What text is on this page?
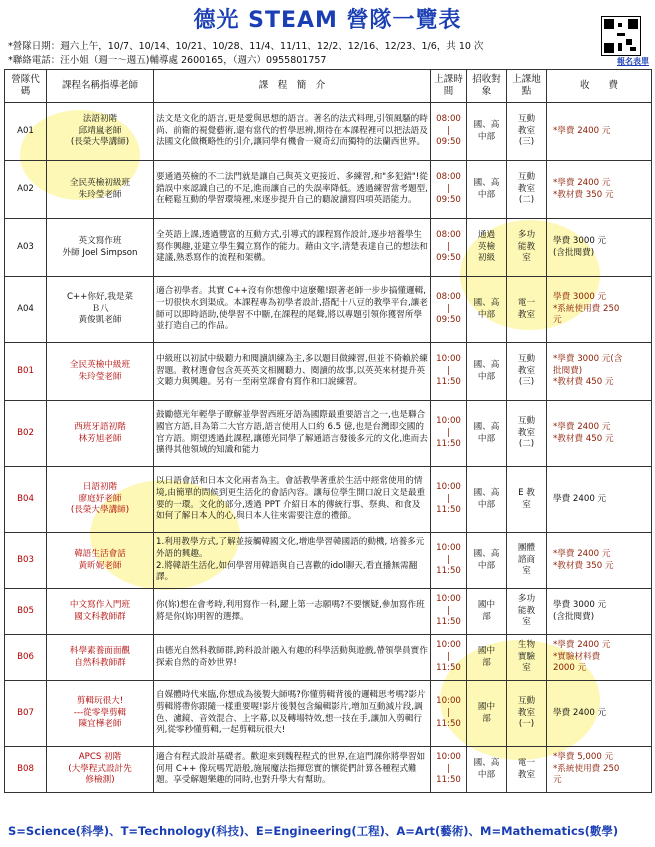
德光 STEAM 營隊一覽表
*營隊日期：週六上午，10/7、10/14、10/21、10/28、11/4、11/11、12/2、12/16、12/23、1/6，共 10 次
*聯絡電話：汪小姐（週一～週五)輔導處 2600165，（週六）0955801757	報名表單
營隊代碼	課程名稱指導老師	課　程　簡　介	上課時間	招收對象	上課地點	收　　費
A01	法語初階
邱靖嵐老師
(長榮大學講師)	法文是文化的語言,更是愛與思想的語言。著名的法式料理,引領風騷的時尚、前衛的視覺藝術,還有當代的哲學思辨,期待在本課程裡可以把法語及法國文化做概略性的引介,讓同學有機會一窺奇幻而獨特的法蘭西世界。	08:00
|
09:50	國、高
中部	互動
教室
(三)	*學費 2400 元
A02	全民英檢初級班
朱玲瑩老師	要通過英檢的不二法門就是讓自己與英文更接近、多練習,和"多犯錯"!從錯誤中來認識自己的不足,進而讓自己的失誤率降低。透過練習當考題型,在輕鬆互動的學習環境裡,來逐步提升自己的聽說讀寫四項英語能力。	08:00
|
09:50	國、高
中部	互動
教室
(二)	*學費 2400 元
*教材費 350 元
A03	英文寫作班
外師 Joel Simpson	全英語上課,透過豐富的互動方式,引導式的課程寫作設計,逐步培養學生寫作興趣,並建立學生獨立寫作的能力。藉由文字,清楚表達自己的想法和建議,熟悉寫作的流程和架構。	08:00
|
09:50	通過
英檢
初級	多功
能教
室	學費 3000 元
(含批閱費)
A04	C++你好,我是菜
Ｂ八
黃俊凱老師	適合初學者。其實 C++沒有你想像中這麼難!跟著老師一步步搞懂邏輯,一切很快水到渠成。本課程專為初學者設計,搭配十八豆的教學平台,讓老師可以即時語助,使學習不中斷,在課程的尾聲,將以專題引領你獲習所學並打造自己的作品。	08:00
|
09:50	國、高
中部	電一
教室	學費 3000 元
*系統使用費 250
元
B01	全民英檢中級班
朱玲瑩老師	中級班以初試中級聽力和閱讀訓練為主,多以題目做練習,但並不倚賴於練習題。教材選會包含英英英文相關聽力、閱讀的故事,以英英來材提升英文聽力與興趣。另有一至兩堂課會有寫作和口說練習。	10:00
|
11:50	國、高
中部	互動
教室
(三)	*學費 3000 元(含
批閱費)
*教材費 450 元
B02	西班牙語初階
林芳旭老師	鼓勵德光年輕學子瞭解並學習西班牙語為國際最重要語言之一,也是聯合國官方語,目為第二大官方語,語言使用人口約 6.5 億,也是台灣即交國的官方語。期望透過此課程,讓德光同學了解通語言發後多元的文化,進而去擴得其他領域的知識和能力	10:00
|
11:50	國、高
中部	互動
教室
(二)	*學費 2400 元
*教材費 450 元
B04	日語初階
廖庭妤老師
(長榮大學講師)	以日語會話和日本文化兩者為主。會話教學著重於生活中經常使用的情境,由簡單的問候到更生活化的會話內容。讓每位學生開口說日文是最重要的一環。文化的部分,透過 PPT 介紹日本的傳統行事、祭典、和食及如何了解日本人的心,與日本人往來需要注意的禮節。	10:00
|
11:50	國、高
中部	E 教
室	學費 2400 元
B03	韓語生活會話
黃昕妮老師	1.利用教學方式,了解並接觸韓國文化,增進學習韓國語的動機, 培養多元外語的興趣。
2.將韓語生活化,如何學習用韓語與自己喜歡的idol聊天,看直播無需翻譯。	10:00
|
11:50	國、高
中部	團體
諮商
室	*學費 2400 元
*教材費 350 元
B05	中文寫作入門班
國文科教師群	你(妳)想在會考時,利用寫作一科,躍上第一志願嗎?不要懷疑,參加寫作班將是你(妳)明智的選擇。	10:00
|
11:50	國中
部	多功
能教
室	學費 3000 元
(含批閱費)
B06	科學素養面面觀
自然科教師群	由德光自然科教師群,跨科設計融入有趣的科學活動與遊戲,帶領學員實作探索自然的奇妙世界!	10:00
|
11:50	國中
部	生物
實驗
室	*學費 2400 元
*實驗材料費
2000 元
B07	剪輯玩很大!
---從零學剪輯
陳宜樺老師	自媒體時代來臨,你想成為後製大師嗎?你懂剪輯背後的邏輯思考嗎?影片剪輯將帶你跟隨一樣重要喔!影片後製包含編輯影片,增加互動減片段,調色、濾鏡、音效混合、上字幕,以及轉場特效,想一技在手,讓加入剪輯行列,從零秒懂剪輯,一起剪輯玩很大!	10:00
|
11:50	國中
部	互動
教室
(一)	學費 2400 元
B08	APCS 初階
(大學程式設計先
修檢測)	適合有程式設計基礎者。歡迎來到魏程程式的世界,在這門課你將學習如何用 C++ 像玩嗎咒語般,施展魔法指揮您實的懷從們計算各種程式難題。享受解題樂趣的同時,也對升學大有幫助。	10:00
|
11:50	國、高
中部	電一
教室	*學費 5,000 元
*系統使用費 250
元
S=Science(科學)、T=Technology(科技)、E=Engineering(工程)、A=Art(藝術)、M=Mathematics(數學)
